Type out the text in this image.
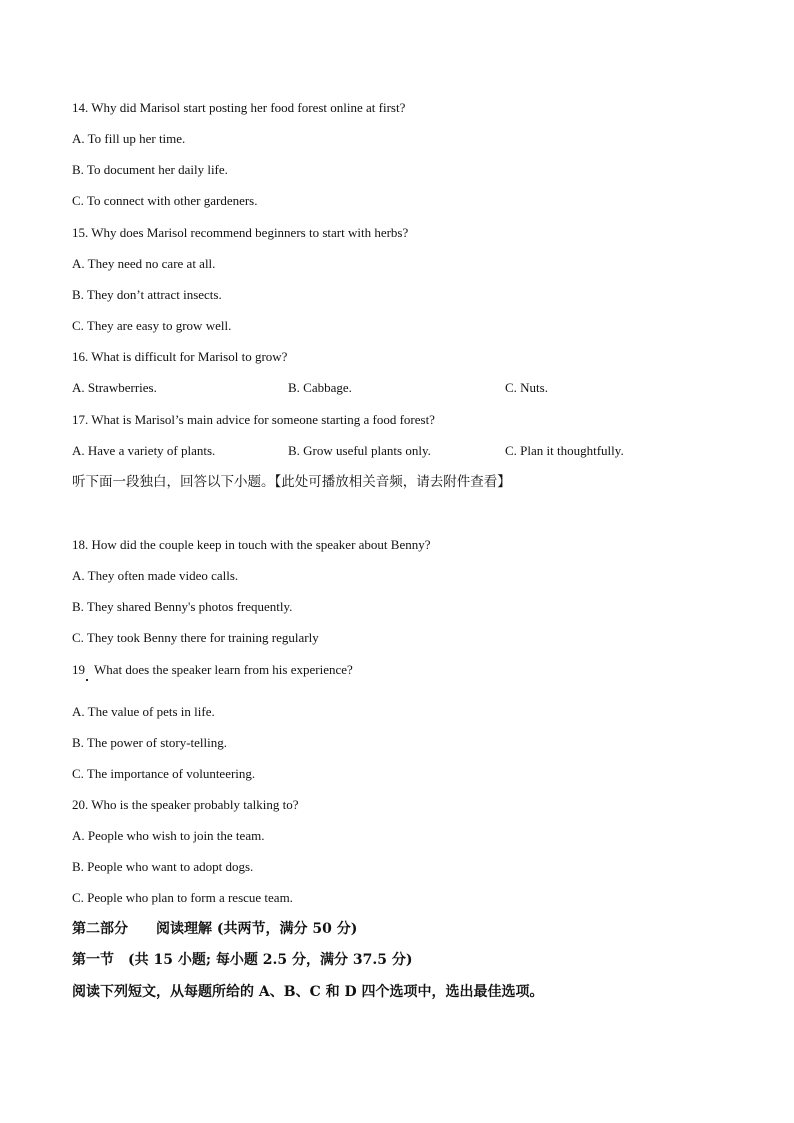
14. Why did Marisol start posting her food forest online at first?
A. To fill up her time.
B. To document her daily life.
C. To connect with other gardeners.
15. Why does Marisol recommend beginners to start with herbs?
A. They need no care at all.
B. They don’t attract insects.
C. They are easy to grow well.
16. What is difficult for Marisol to grow?
A. Strawberries.	B. Cabbage.	C. Nuts.
17. What is Marisol’s main advice for someone starting a food forest?
A. Have a variety of plants.	B. Grow useful plants only.	C. Plan it thoughtfully.
听下面一段独白，回答以下小题。【此处可播放相关音频，请去附件查看】
18. How did the couple keep in touch with the speaker about Benny?
A. They often made video calls.
B. They shared Benny's photos frequently.
C. They took Benny there for training regularly
19 What does the speaker learn from his experience?
A. The value of pets in life.
B. The power of story-telling.
C. The importance of volunteering.
20. Who is the speaker probably talking to?
A. People who wish to join the team.
B. People who want to adopt dogs.
C. People who plan to form a rescue team.
第二部分 阅读理解 (共两节，满分 50 分)
第一节 (共 15 小题; 每小题 2.5 分，满分 37.5 分)
阅读下列短文，从每题所给的 A、B、C 和 D 四个选项中，选出最佳选项。
